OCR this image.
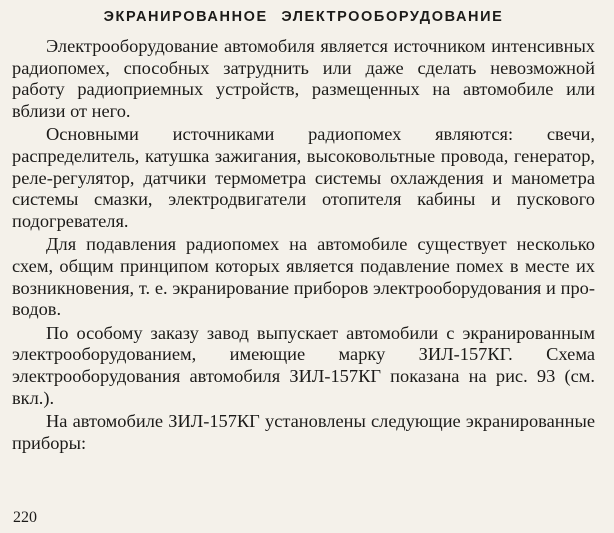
ЭКРАНИРОВАННОЕ ЭЛЕКТРООБОРУДОВАНИЕ

Электрооборудование автомобиля является источником интенсивных радиопомех, способных затруднить или даже сделать невозможной работу радиоприемных устройств, размещенных на автомобиле или вблизи от него.

Основными источниками радиопомех являются: свечи, распределитель, катушка зажигания, высоковольтные провода, генератор, реле-регулятор, датчики термометра системы охлаждения и манометра системы смазки, электродвигатели отопителя кабины и пускового подогревателя.

Для подавления радиопомех на автомобиле существует несколько схем, общим принципом которых является подавление помех в месте их возникновения, т. е. экранирование приборов электрооборудования и проводов.

По особому заказу завод выпускает автомобили с экранированным электрооборудованием, имеющие марку ЗИЛ-157КГ. Схема электрооборудования автомобиля ЗИЛ-157КГ показана на рис. 93 (см. вкл.).

На автомобиле ЗИЛ-157КГ установлены следующие экранированные приборы:

220
